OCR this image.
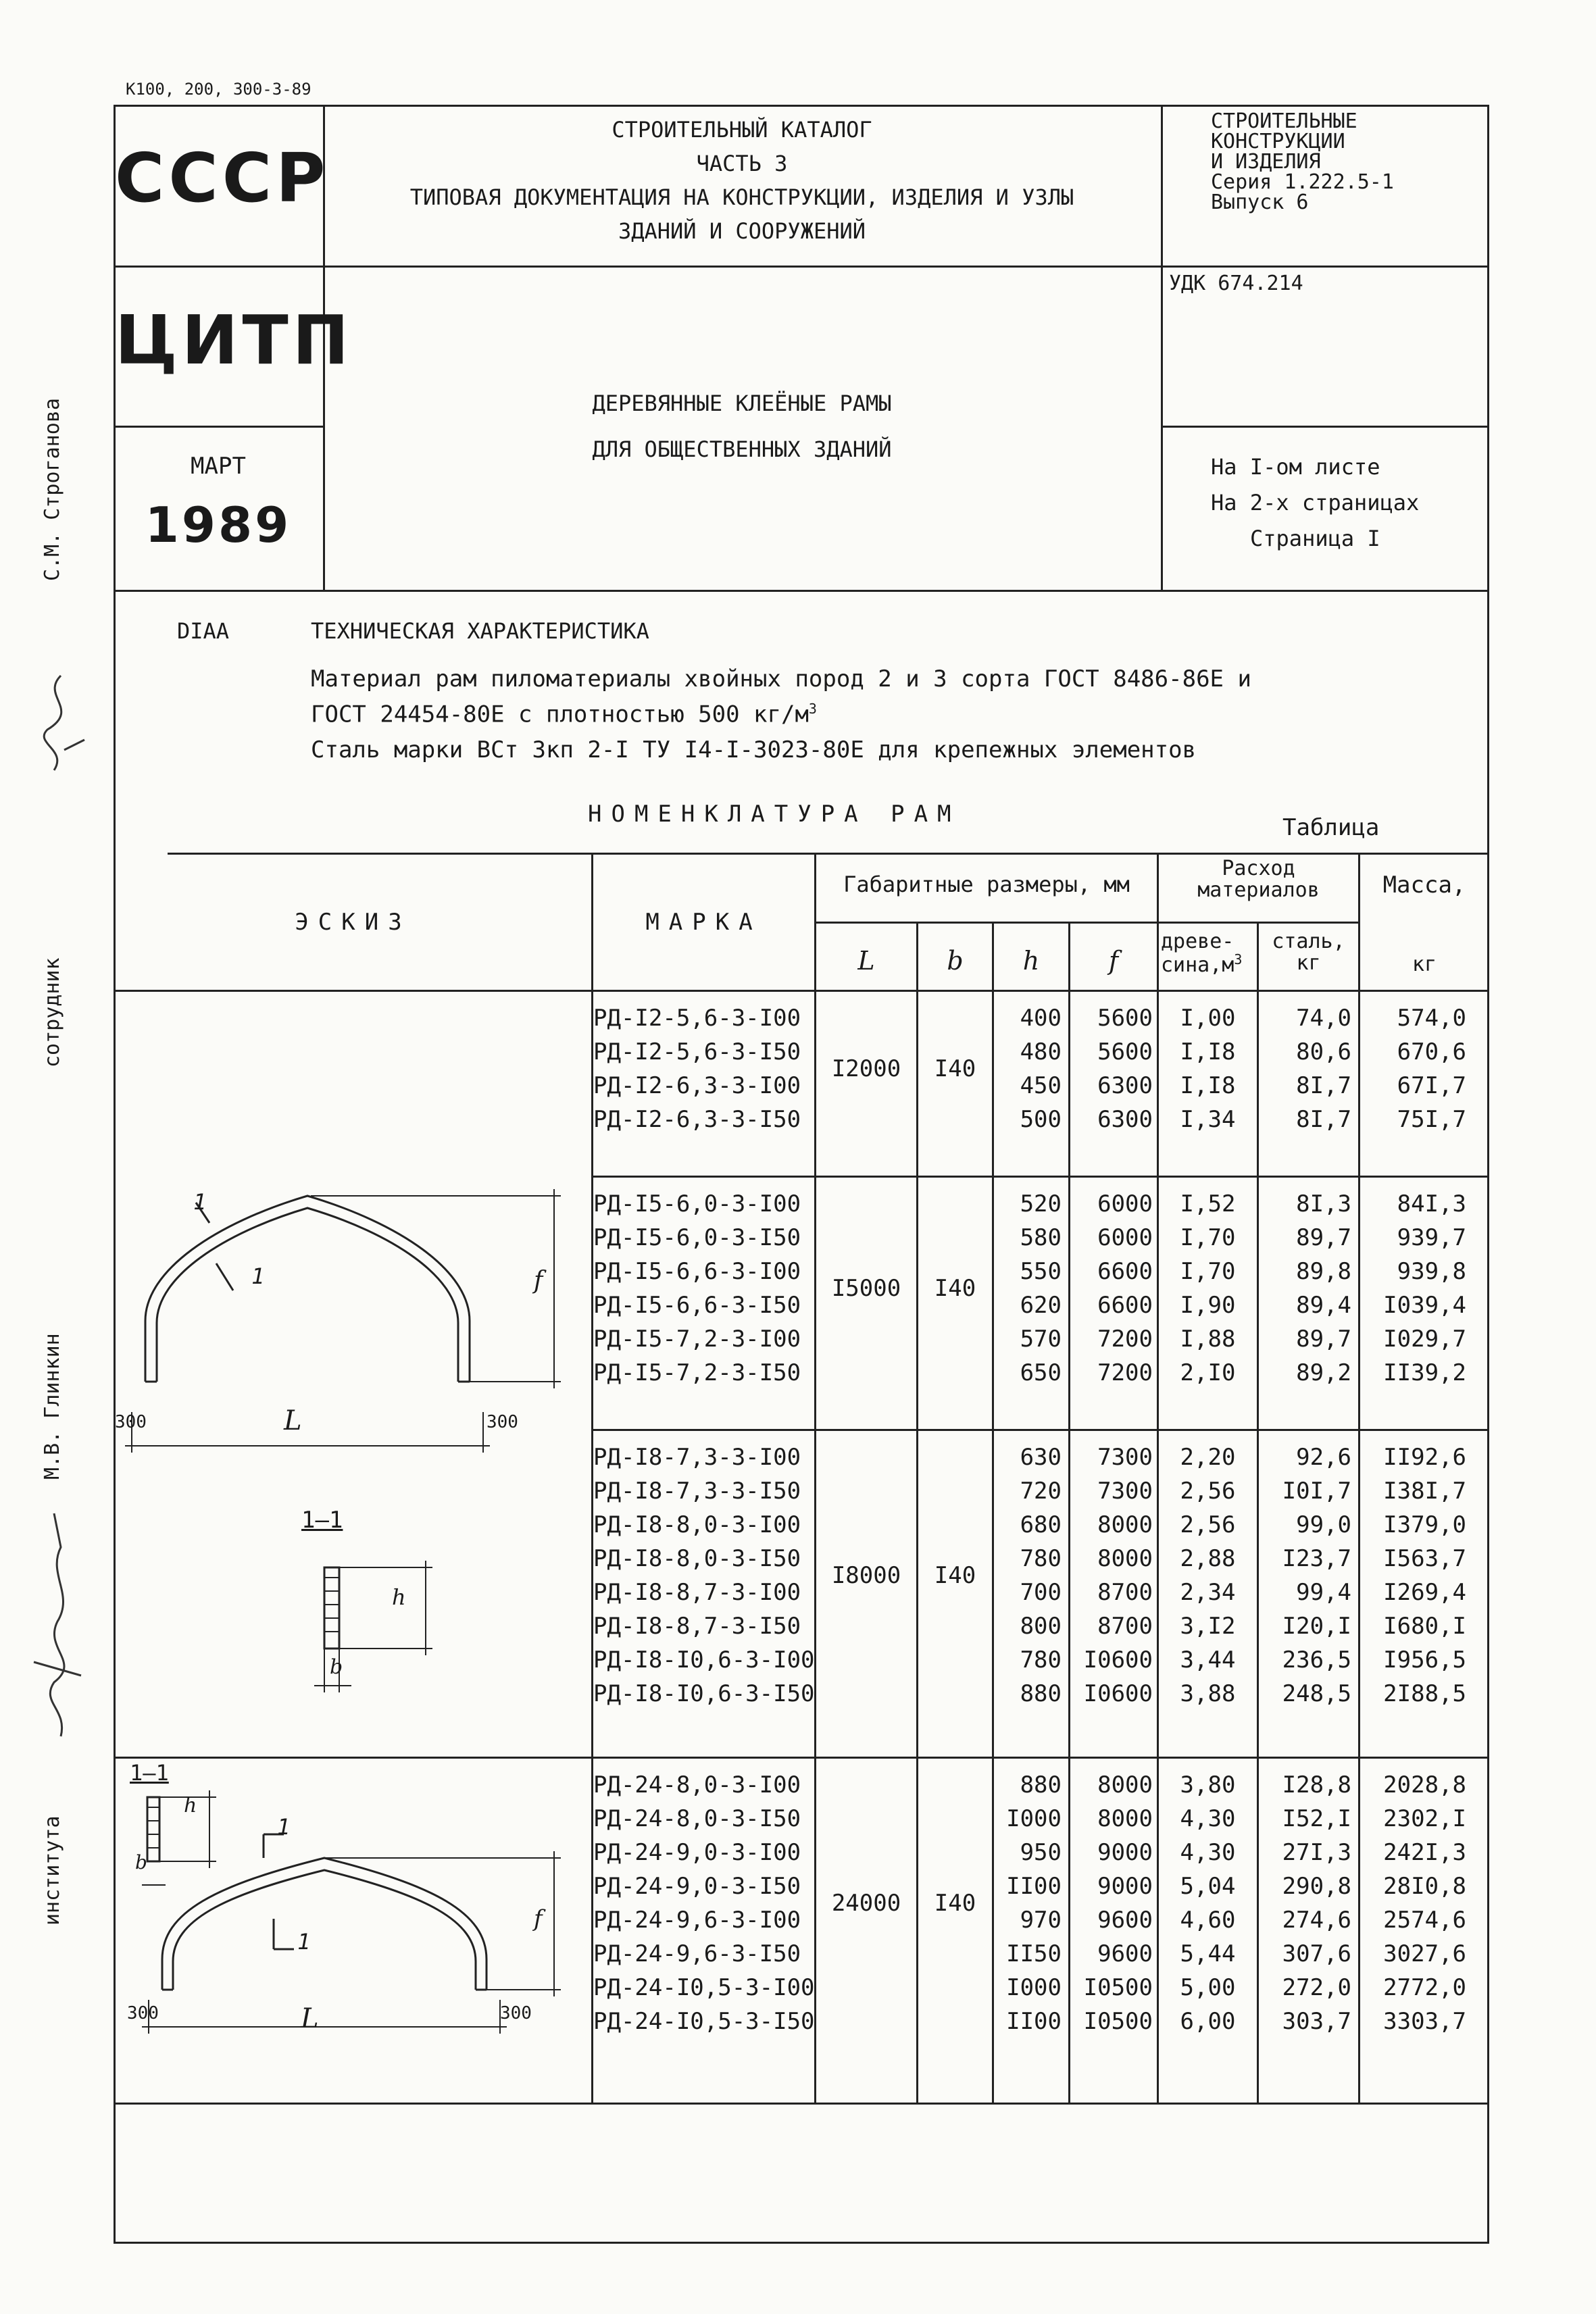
K100, 200, 300-3-89
СССР
ЦИТП
МАРТ
1989
СТРОИТЕЛЬНЫЙ КАТАЛОГ
ЧАСТЬ 3
ТИПОВАЯ ДОКУМЕНТАЦИЯ НА КОНСТРУКЦИИ, ИЗДЕЛИЯ И УЗЛЫ
ЗДАНИЙ И СООРУЖЕНИЙ
СТРОИТЕЛЬНЫЕ
КОНСТРУКЦИИ
И ИЗДЕЛИЯ
Серия 1.222.5-1
Выпуск 6
УДК 674.214
ДЕРЕВЯННЫЕ КЛЕЁНЫЕ РАМЫ
ДЛЯ ОБЩЕСТВЕННЫХ ЗДАНИЙ
На I-ом листе
На 2-х страницах
Страница I
С.М. Строганова
сотрудник
М.В. Глинкин
института
DIAA	ТЕХНИЧЕСКАЯ ХАРАКТЕРИСТИКА
Материал рам пиломатериалы хвойных пород 2 и 3 сорта ГОСТ 8486-86Е и
ГОСТ 24454-80Е с плотностью 500 $кг/м^3$
Сталь марки ВСт 3кп 2-I ТУ I4-I-3023-80Е для крепежных элементов
НОМЕНКЛАТУРА РАМ	Таблица
ЭСКИЗ	МАРКА
Габаритные размеры, мм
L	b	h	f
Расход
материалов
древе-
$сина,м^3$
сталь,
кг
Масса,
кг
РД-I2-5,6-3-I00	400	5600	I,00	74,0	574,0
РД-I2-5,6-3-I50	480	5600	I,I8	80,6	670,6
РД-I2-6,3-3-I00	450	6300	I,I8	8I,7	67I,7
РД-I2-6,3-3-I50	500	6300	I,34	8I,7	75I,7
I2000	I40
РД-I5-6,0-3-I00	520	6000	I,52	8I,3	84I,3
РД-I5-6,0-3-I50	580	6000	I,70	89,7	939,7
РД-I5-6,6-3-I00	550	6600	I,70	89,8	939,8
РД-I5-6,6-3-I50	620	6600	I,90	89,4	I039,4
РД-I5-7,2-3-I00	570	7200	I,88	89,7	I029,7
РД-I5-7,2-3-I50	650	7200	2,I0	89,2	II39,2
I5000	I40
РД-I8-7,3-3-I00	630	7300	2,20	92,6	II92,6
РД-I8-7,3-3-I50	720	7300	2,56	I0I,7	I38I,7
РД-I8-8,0-3-I00	680	8000	2,56	99,0	I379,0
РД-I8-8,0-3-I50	780	8000	2,88	I23,7	I563,7
РД-I8-8,7-3-I00	700	8700	2,34	99,4	I269,4
РД-I8-8,7-3-I50	800	8700	3,I2	I20,I	I680,I
РД-I8-I0,6-3-I00	780 I0600	3,44	236,5	I956,5
РД-I8-I0,6-3-I50	880 I0600	3,88	248,5	2I88,5
I8000	I40
РД-24-8,0-3-I00	880	8000	3,80	I28,8	2028,8
РД-24-8,0-3-I50	I000	8000	4,30	I52,I	2302,I
РД-24-9,0-3-I00	950	9000	4,30	27I,3	242I,3
РД-24-9,0-3-I50	II00	9000	5,04	290,8	28I0,8
РД-24-9,6-3-I00	970	9600	4,60	274,6	2574,6
РД-24-9,6-3-I50	II50	9600	5,44	307,6	3027,6
РД-24-I0,5-3-I00	I000 I0500	5,00	272,0	2772,0
РД-24-I0,5-3-I50	II00 I0500	6,00	303,7	3303,7
24000	I40
1
1	f
L
300	300
1—1
h
b
1—1
h
b
1
1
f
L
300	300
